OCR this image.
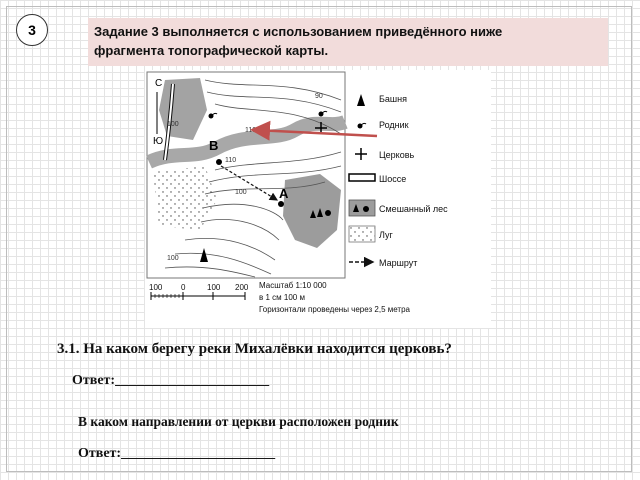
3	Задание 3 выполняется с использованием приведённого ниже
фрагмента топографической карты.
С
Ю
90
100
110
100
110
100
В
А
Башня
Родник
Церковь
Шоссе
Смешанный лес
Луг
Маршрут
100 0	100 200 Масштаб 1:10 000
в 1 см 100 м
Горизонтали проведены через 2,5 метра
3.1. На каком берегу реки Михалёвки находится церковь?
Ответ:______________________
В каком направлении от церкви расположен родник
Ответ:______________________
